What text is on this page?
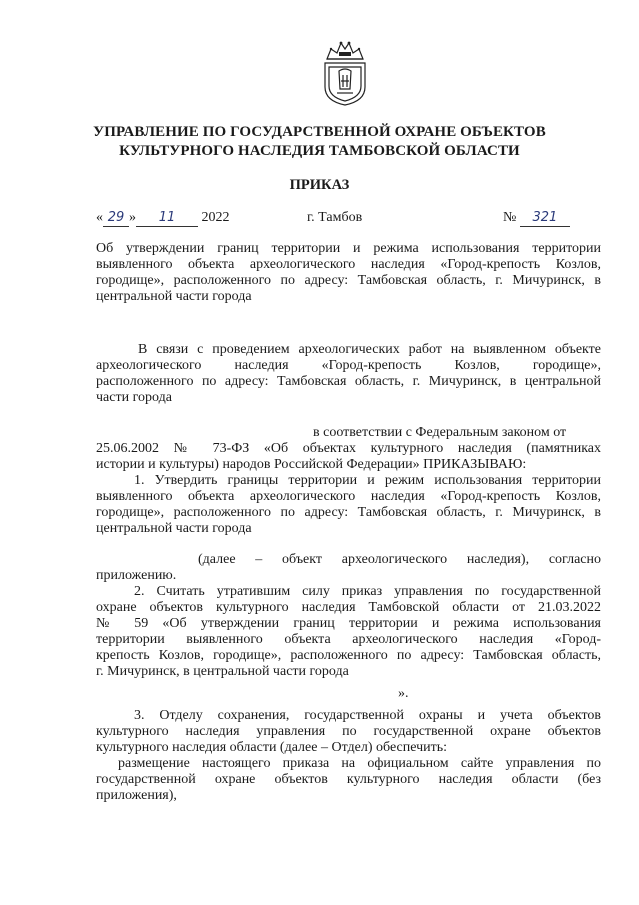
УПРАВЛЕНИЕ ПО ГОСУДАРСТВЕННОЙ ОХРАНЕ ОБЪЕКТОВ
КУЛЬТУРНОГО НАСЛЕДИЯ ТАМБОВСКОЙ ОБЛАСТИ
ПРИКАЗ
« 29 » 11 2022	г. Тамбов	№ 321
Об утверждении границ территории и режима использования территории
выявленного объекта археологического наследия «Город-крепость Козлов,
городище», расположенного по адресу: Тамбовская область, г. Мичуринск, в
центральной части города
В связи с проведением археологических работ на выявленном объекте
археологического наследия «Город-крепость Козлов, городище»,
расположенного по адресу: Тамбовская область, г. Мичуринск, в центральной
части города
в соответствии с Федеральным законом от
25.06.2002 № 73-ФЗ «Об объектах культурного наследия (памятниках
истории и культуры) народов Российской Федерации» ПРИКАЗЫВАЮ:
1. Утвердить границы территории и режим использования территории
выявленного объекта археологического наследия «Город-крепость Козлов,
городище», расположенного по адресу: Тамбовская область, г. Мичуринск, в
центральной части города
(далее – объект археологического наследия), согласно
приложению.
2. Считать утратившим силу приказ управления по государственной
охране объектов культурного наследия Тамбовской области от 21.03.2022
№ 59 «Об утверждении границ территории и режима использования
территории выявленного объекта археологического наследия «Город-
крепость Козлов, городище», расположенного по адресу: Тамбовская область,
г. Мичуринск, в центральной части города
».
3. Отделу сохранения, государственной охраны и учета объектов
культурного наследия управления по государственной охране объектов
культурного наследия области (далее – Отдел) обеспечить:
размещение настоящего приказа на официальном сайте управления по
государственной охране объектов культурного наследия области (без
приложения),
